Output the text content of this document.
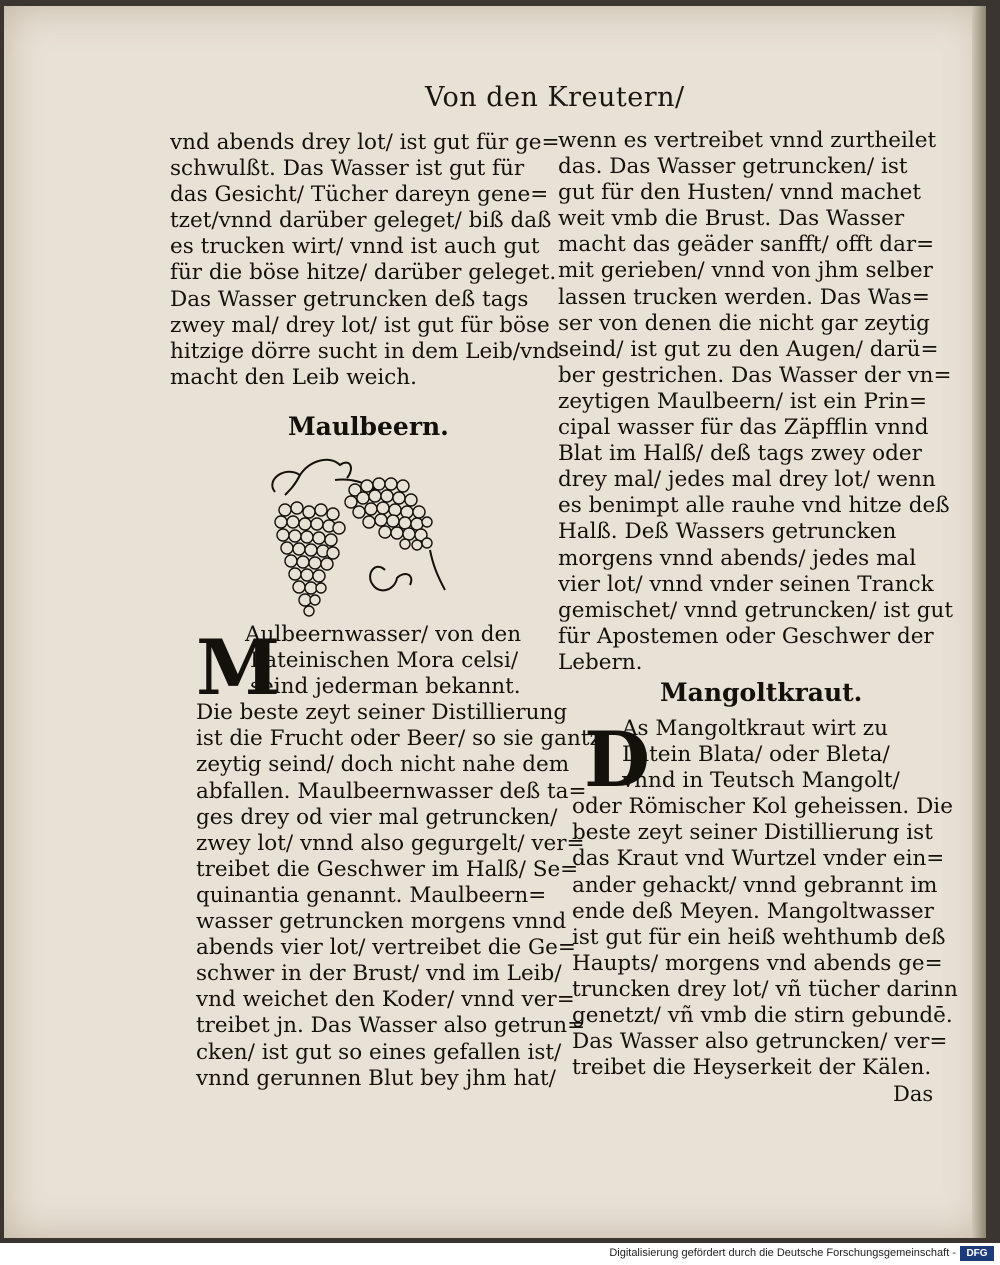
Von den Kreutern/
vnd abends drey lot/ ist gut für ge=
schwulßt. Das Wasser ist gut für
das Gesicht/ Tücher dareyn gene=
tzet/vnnd darüber geleget/ biß daß
es trucken wirt/ vnnd ist auch gut
für die böse hitze/ darüber geleget.
Das Wasser getruncken deß tags
zwey mal/ drey lot/ ist gut für böse
hitzige dörre sucht in dem Leib/vnd
macht den Leib weich.
Maulbeern.
M
Aulbeernwasser/ von den
Lateinischen Mora celsi/
seind jederman bekannt.
Die beste zeyt seiner Distillierung
ist die Frucht oder Beer/ so sie gantz
zeytig seind/ doch nicht nahe dem
abfallen. Maulbeernwasser deß ta=
ges drey od vier mal getruncken/
zwey lot/ vnnd also gegurgelt/ ver=
treibet die Geschwer im Halß/ Se=
quinantia genannt. Maulbeern=
wasser getruncken morgens vnnd
abends vier lot/ vertreibet die Ge=
schwer in der Brust/ vnd im Leib/
vnd weichet den Koder/ vnnd ver=
treibet jn. Das Wasser also getrun=
cken/ ist gut so eines gefallen ist/
vnnd gerunnen Blut bey jhm hat/
wenn es vertreibet vnnd zurtheilet
das. Das Wasser getruncken/ ist
gut für den Husten/ vnnd machet
weit vmb die Brust. Das Wasser
macht das geäder sanfft/ offt dar=
mit gerieben/ vnnd von jhm selber
lassen trucken werden. Das Was=
ser von denen die nicht gar zeytig
seind/ ist gut zu den Augen/ darü=
ber gestrichen. Das Wasser der vn=
zeytigen Maulbeern/ ist ein Prin=
cipal wasser für das Zäpfflin vnnd
Blat im Halß/ deß tags zwey oder
drey mal/ jedes mal drey lot/ wenn
es benimpt alle rauhe vnd hitze deß
Halß. Deß Wassers getruncken
morgens vnnd abends/ jedes mal
vier lot/ vnnd vnder seinen Tranck
gemischet/ vnnd getruncken/ ist gut
für Apostemen oder Geschwer der
Lebern.
Mangoltkraut.
D
As Mangoltkraut wirt zu
Latein Blata/ oder Bleta/
vnnd in Teutsch Mangolt/
oder Römischer Kol geheissen. Die
beste zeyt seiner Distillierung ist
das Kraut vnd Wurtzel vnder ein=
ander gehackt/ vnnd gebrannt im
ende deß Meyen. Mangoltwasser
ist gut für ein heiß wehthumb deß
Haupts/ morgens vnd abends ge=
truncken drey lot/ vñ tücher darinn
genetzt/ vñ vmb die stirn gebundē.
Das Wasser also getruncken/ ver=
treibet die Heyserkeit der Kälen.
Das
Digitalisierung gefördert durch die Deutsche Forschungsgemeinschaft -	DFG
